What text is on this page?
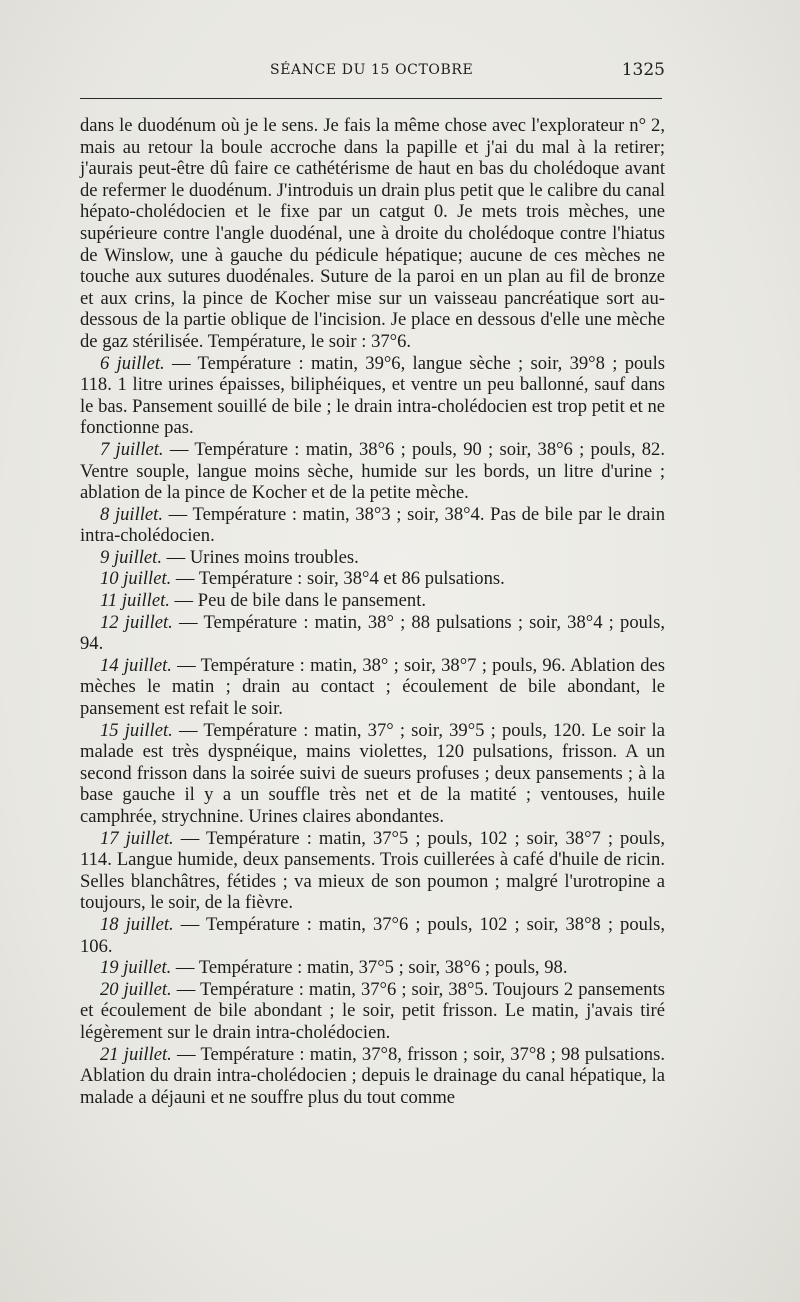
SÉANCE DU 15 OCTOBRE	1325

dans le duodénum où je le sens. Je fais la même chose avec l'explorateur n° 2, mais au retour la boule accroche dans la papille et j'ai du mal à la retirer; j'aurais peut-être dû faire ce cathétérisme de haut en bas du cholédoque avant de refermer le duodénum. J'introduis un drain plus petit que le calibre du canal hépato-cholédocien et le fixe par un catgut 0. Je mets trois mèches, une supérieure contre l'angle duodénal, une à droite du cholédoque contre l'hiatus de Winslow, une à gauche du pédicule hépatique; aucune de ces mèches ne touche aux sutures duodénales. Suture de la paroi en un plan au fil de bronze et aux crins, la pince de Kocher mise sur un vaisseau pancréatique sort au-dessous de la partie oblique de l'incision. Je place en dessous d'elle une mèche de gaz stérilisée. Température, le soir : 37°6.

6 juillet. — Température : matin, 39°6, langue sèche ; soir, 39°8 ; pouls 118. 1 litre urines épaisses, biliphéiques, et ventre un peu ballonné, sauf dans le bas. Pansement souillé de bile ; le drain intra-cholédocien est trop petit et ne fonctionne pas.

7 juillet. — Température : matin, 38°6 ; pouls, 90 ; soir, 38°6 ; pouls, 82. Ventre souple, langue moins sèche, humide sur les bords, un litre d'urine ; ablation de la pince de Kocher et de la petite mèche.

8 juillet. — Température : matin, 38°3 ; soir, 38°4. Pas de bile par le drain intra-cholédocien.

9 juillet. — Urines moins troubles.

10 juillet. — Température : soir, 38°4 et 86 pulsations.

11 juillet. — Peu de bile dans le pansement.

12 juillet. — Température : matin, 38° ; 88 pulsations ; soir, 38°4 ; pouls, 94.

14 juillet. — Température : matin, 38° ; soir, 38°7 ; pouls, 96. Ablation des mèches le matin ; drain au contact ; écoulement de bile abondant, le pansement est refait le soir.

15 juillet. — Température : matin, 37° ; soir, 39°5 ; pouls, 120. Le soir la malade est très dyspnéique, mains violettes, 120 pulsations, frisson. A un second frisson dans la soirée suivi de sueurs profuses ; deux pansements ; à la base gauche il y a un souffle très net et de la matité ; ventouses, huile camphrée, strychnine. Urines claires abondantes.

17 juillet. — Température : matin, 37°5 ; pouls, 102 ; soir, 38°7 ; pouls, 114. Langue humide, deux pansements. Trois cuillerées à café d'huile de ricin. Selles blanchâtres, fétides ; va mieux de son poumon ; malgré l'urotropine a toujours, le soir, de la fièvre.

18 juillet. — Température : matin, 37°6 ; pouls, 102 ; soir, 38°8 ; pouls, 106.

19 juillet. — Température : matin, 37°5 ; soir, 38°6 ; pouls, 98.

20 juillet. — Température : matin, 37°6 ; soir, 38°5. Toujours 2 pansements et écoulement de bile abondant ; le soir, petit frisson. Le matin, j'avais tiré légèrement sur le drain intra-cholédocien.

21 juillet. — Température : matin, 37°8, frisson ; soir, 37°8 ; 98 pulsations. Ablation du drain intra-cholédocien ; depuis le drainage du canal hépatique, la malade a déjauni et ne souffre plus du tout comme
